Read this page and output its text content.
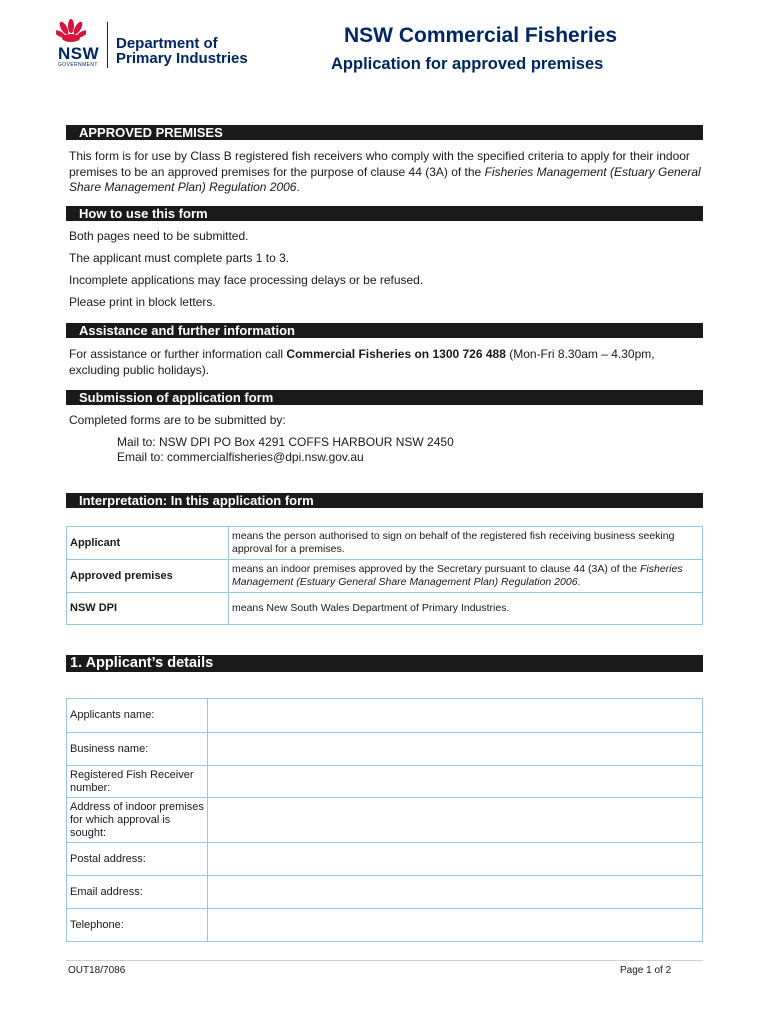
NSW
GOVERNMENT
Department of
Primary Industries
NSW Commercial Fisheries
Application for approved premises
APPROVED PREMISES
This form is for use by Class B registered fish receivers who comply with the specified criteria to apply for their indoor premises to be an approved premises for the purpose of clause 44 (3A) of the Fisheries Management (Estuary General Share Management Plan) Regulation 2006.
How to use this form
Both pages need to be submitted.
The applicant must complete parts 1 to 3.
Incomplete applications may face processing delays or be refused.
Please print in block letters.
Assistance and further information
For assistance or further information call Commercial Fisheries on 1300 726 488 (Mon-Fri 8.30am – 4.30pm, excluding public holidays).
Submission of application form
Completed forms are to be submitted by:
Mail to: NSW DPI PO Box 4291 COFFS HARBOUR NSW 2450
Email to: commercialfisheries@dpi.nsw.gov.au
Interpretation: In this application form
Applicant	means the person authorised to sign on behalf of the registered fish receiving business seeking approval for a premises.
Approved premises	means an indoor premises approved by the Secretary pursuant to clause 44 (3A) of the Fisheries Management (Estuary General Share Management Plan) Regulation 2006.
NSW DPI	means New South Wales Department of Primary Industries.
1. Applicant’s details
Applicants name:	
Business name:	
Registered Fish Receiver number:	
Address of indoor premises for which approval is sought:	
Postal address:	
Email address:	
Telephone:	
OUT18/7086	Page 1 of 2
